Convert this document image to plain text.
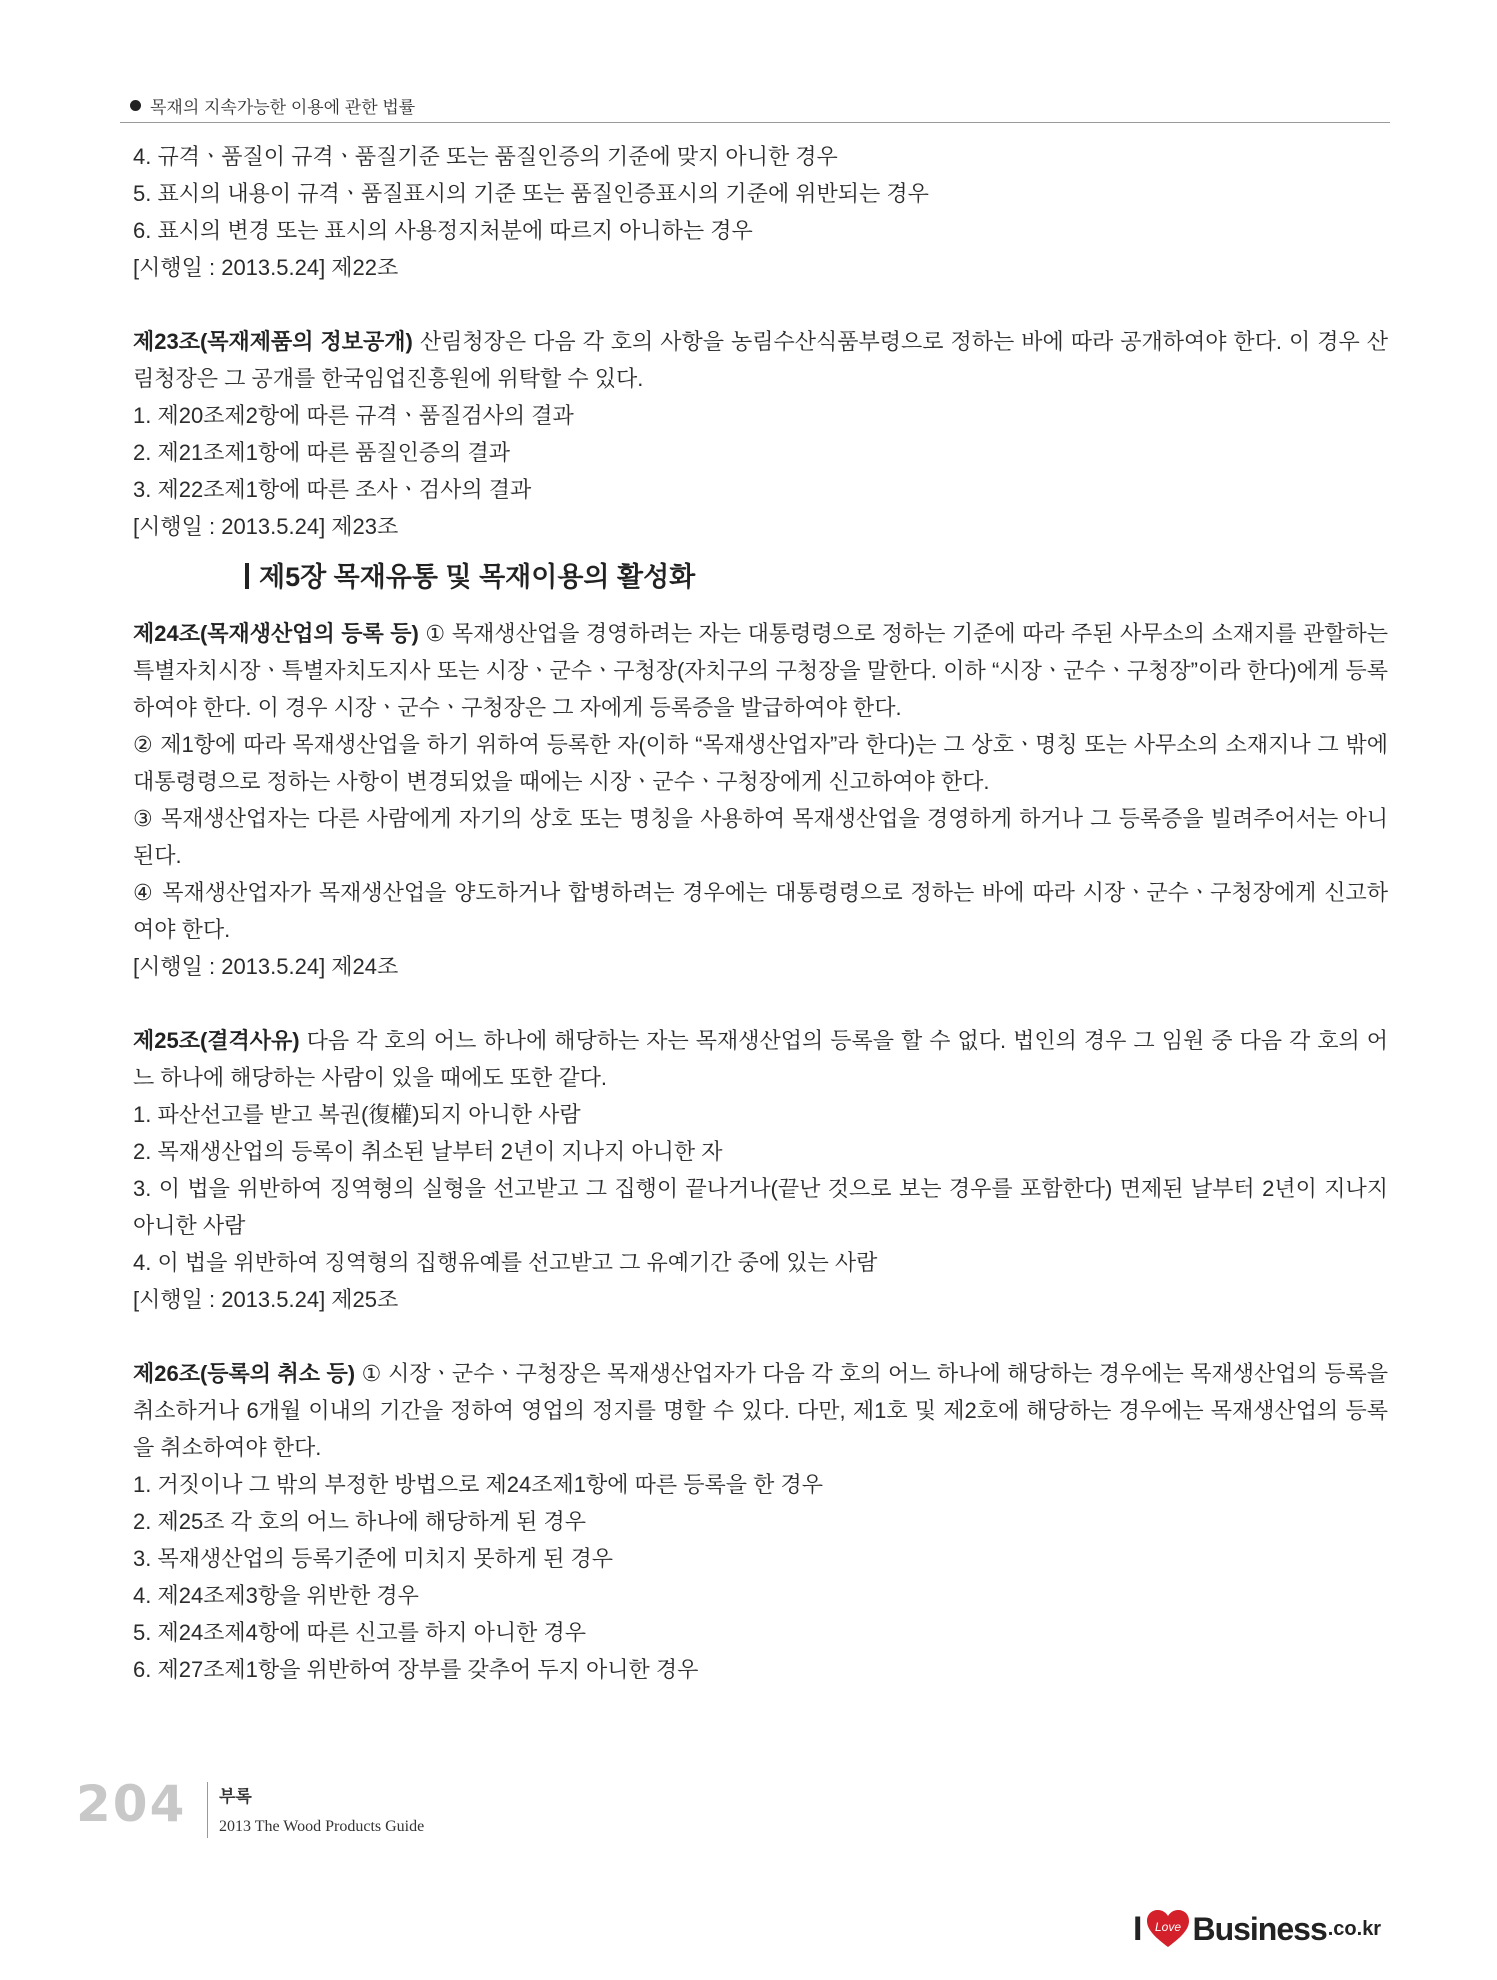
목재의 지속가능한 이용에 관한 법률
4. 규격ㆍ품질이 규격ㆍ품질기준 또는 품질인증의 기준에 맞지 아니한 경우
5. 표시의 내용이 규격ㆍ품질표시의 기준 또는 품질인증표시의 기준에 위반되는 경우
6. 표시의 변경 또는 표시의 사용정지처분에 따르지 아니하는 경우
[시행일 : 2013.5.24] 제22조
제23조(목재제품의 정보공개) 산림청장은 다음 각 호의 사항을 농림수산식품부령으로 정하는 바에 따라 공개하여야 한다. 이 경우 산림청장은 그 공개를 한국임업진흥원에 위탁할 수 있다.
1. 제20조제2항에 따른 규격ㆍ품질검사의 결과
2. 제21조제1항에 따른 품질인증의 결과
3. 제22조제1항에 따른 조사ㆍ검사의 결과
[시행일 : 2013.5.24] 제23조
제5장 목재유통 및 목재이용의 활성화
제24조(목재생산업의 등록 등) ① 목재생산업을 경영하려는 자는 대통령령으로 정하는 기준에 따라 주된 사무소의 소재지를 관할하는 특별자치시장ㆍ특별자치도지사 또는 시장ㆍ군수ㆍ구청장(자치구의 구청장을 말한다. 이하 “시장ㆍ군수ㆍ구청장”이라 한다)에게 등록하여야 한다. 이 경우 시장ㆍ군수ㆍ구청장은 그 자에게 등록증을 발급하여야 한다.
② 제1항에 따라 목재생산업을 하기 위하여 등록한 자(이하 “목재생산업자”라 한다)는 그 상호ㆍ명칭 또는 사무소의 소재지나 그 밖에 대통령령으로 정하는 사항이 변경되었을 때에는 시장ㆍ군수ㆍ구청장에게 신고하여야 한다.
③ 목재생산업자는 다른 사람에게 자기의 상호 또는 명칭을 사용하여 목재생산업을 경영하게 하거나 그 등록증을 빌려주어서는 아니 된다.
④ 목재생산업자가 목재생산업을 양도하거나 합병하려는 경우에는 대통령령으로 정하는 바에 따라 시장ㆍ군수ㆍ구청장에게 신고하여야 한다.
[시행일 : 2013.5.24] 제24조
제25조(결격사유) 다음 각 호의 어느 하나에 해당하는 자는 목재생산업의 등록을 할 수 없다. 법인의 경우 그 임원 중 다음 각 호의 어느 하나에 해당하는 사람이 있을 때에도 또한 같다.
1. 파산선고를 받고 복권(復權)되지 아니한 사람
2. 목재생산업의 등록이 취소된 날부터 2년이 지나지 아니한 자
3. 이 법을 위반하여 징역형의 실형을 선고받고 그 집행이 끝나거나(끝난 것으로 보는 경우를 포함한다) 면제된 날부터 2년이 지나지 아니한 사람
4. 이 법을 위반하여 징역형의 집행유예를 선고받고 그 유예기간 중에 있는 사람
[시행일 : 2013.5.24] 제25조
제26조(등록의 취소 등) ① 시장ㆍ군수ㆍ구청장은 목재생산업자가 다음 각 호의 어느 하나에 해당하는 경우에는 목재생산업의 등록을 취소하거나 6개월 이내의 기간을 정하여 영업의 정지를 명할 수 있다. 다만, 제1호 및 제2호에 해당하는 경우에는 목재생산업의 등록을 취소하여야 한다.
1. 거짓이나 그 밖의 부정한 방법으로 제24조제1항에 따른 등록을 한 경우
2. 제25조 각 호의 어느 하나에 해당하게 된 경우
3. 목재생산업의 등록기준에 미치지 못하게 된 경우
4. 제24조제3항을 위반한 경우
5. 제24조제4항에 따른 신고를 하지 아니한 경우
6. 제27조제1항을 위반하여 장부를 갖추어 두지 아니한 경우
204 부록
2013 The Wood Products Guide
I Love Business .co.kr
